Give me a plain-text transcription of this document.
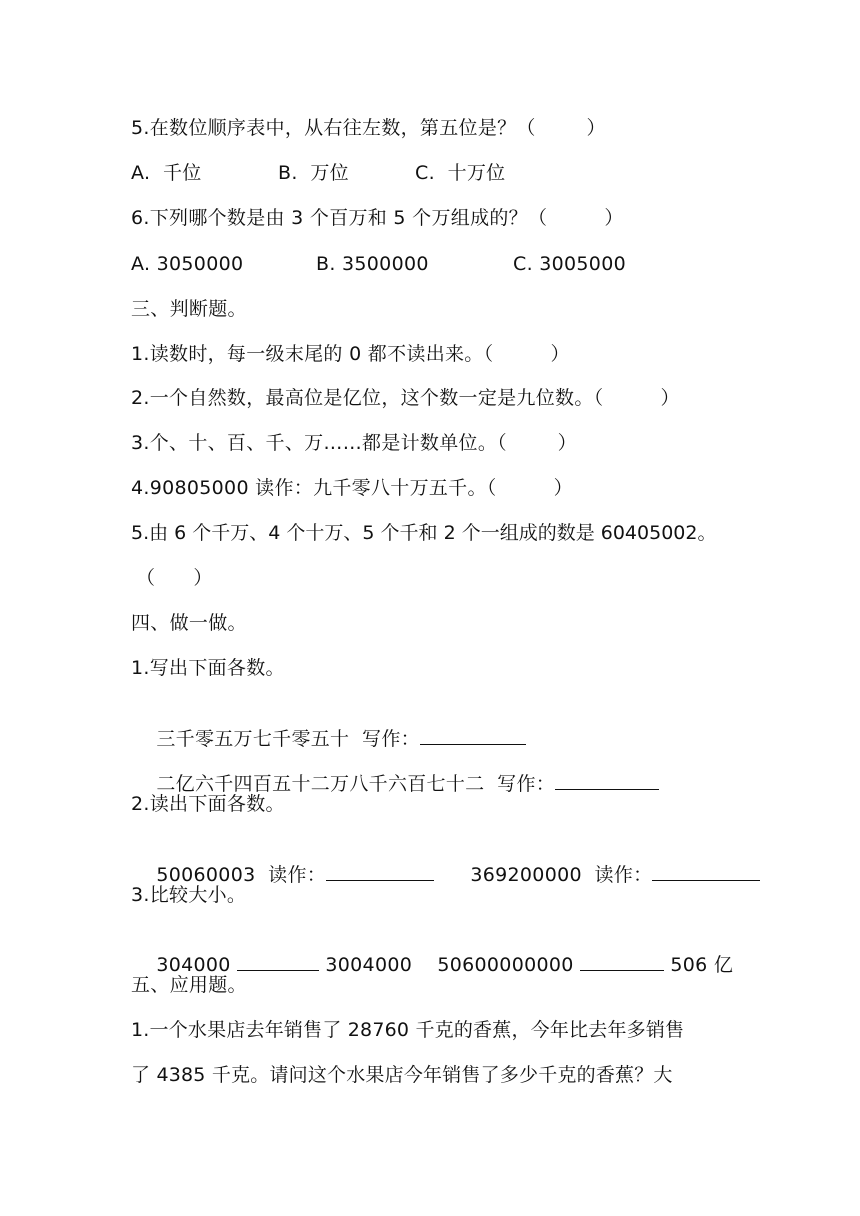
5.在数位顺序表中，从右往左数，第五位是？（        ）
A.  千位	B.  万位	C.  十万位
6.下列哪个数是由 3 个百万和 5 个万组成的？（         ）
A. 3050000	B. 3500000	C. 3005000
三、判断题。
1.读数时，每一级末尾的 0 都不读出来。（         ）
2.一个自然数，最高位是亿位，这个数一定是九位数。（         ）
3.个、十、百、千、万……都是计数单位。（        ）
4.90805000 读作：九千零八十万五千。（         ）
5.由 6 个千万、4 个十万、5 个千和 2 个一组成的数是 60405002。
（      ）
四、做一做。
1.写出下面各数。

三千零五万七千零五十  写作：

二亿六千四百五十二万八千六百七十二  写作：

2.读出下面各数。

50060003  读作：
	369200000  读作：

3.比较大小。

304000	3004000
	50600000000	506 亿

五、应用题。
1.一个水果店去年销售了 28760 千克的香蕉，今年比去年多销售
了 4385 千克。请问这个水果店今年销售了多少千克的香蕉？大
